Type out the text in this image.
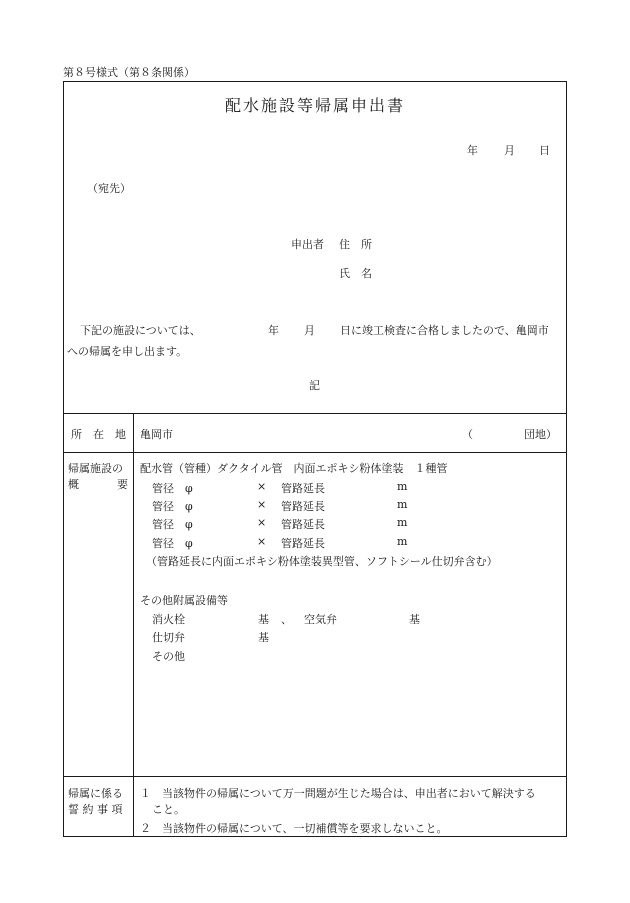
第８号様式（第８条関係）
配水施設等帰属申出書
年 月 日
（宛先）
申出者 住　所
氏　名
下記の施設については、	年 月 日に竣工検査に合格しましたので、亀岡市
への帰属を申し出ます。
記
所　在　地 亀岡市	（	団地）
帰属施設の
概	要
配水管（管種）ダクタイル管　内面エポキシ粉体塗装　１種管
管径　φ	× 管路延長	m
管径　φ	× 管路延長	m
管径　φ	× 管路延長	m
管径　φ	× 管路延長	m
（管路延長に内面エポキシ粉体塗装異型管、ソフトシール仕切弁含む）
その他附属設備等
消火栓	基 、 空気弁	基
仕切弁	基
その他
帰属に係る
誓 約 事 項
１ 当該物件の帰属について万一問題が生じた場合は、申出者において解決する
こと。
２ 当該物件の帰属について、一切補償等を要求しないこと。
